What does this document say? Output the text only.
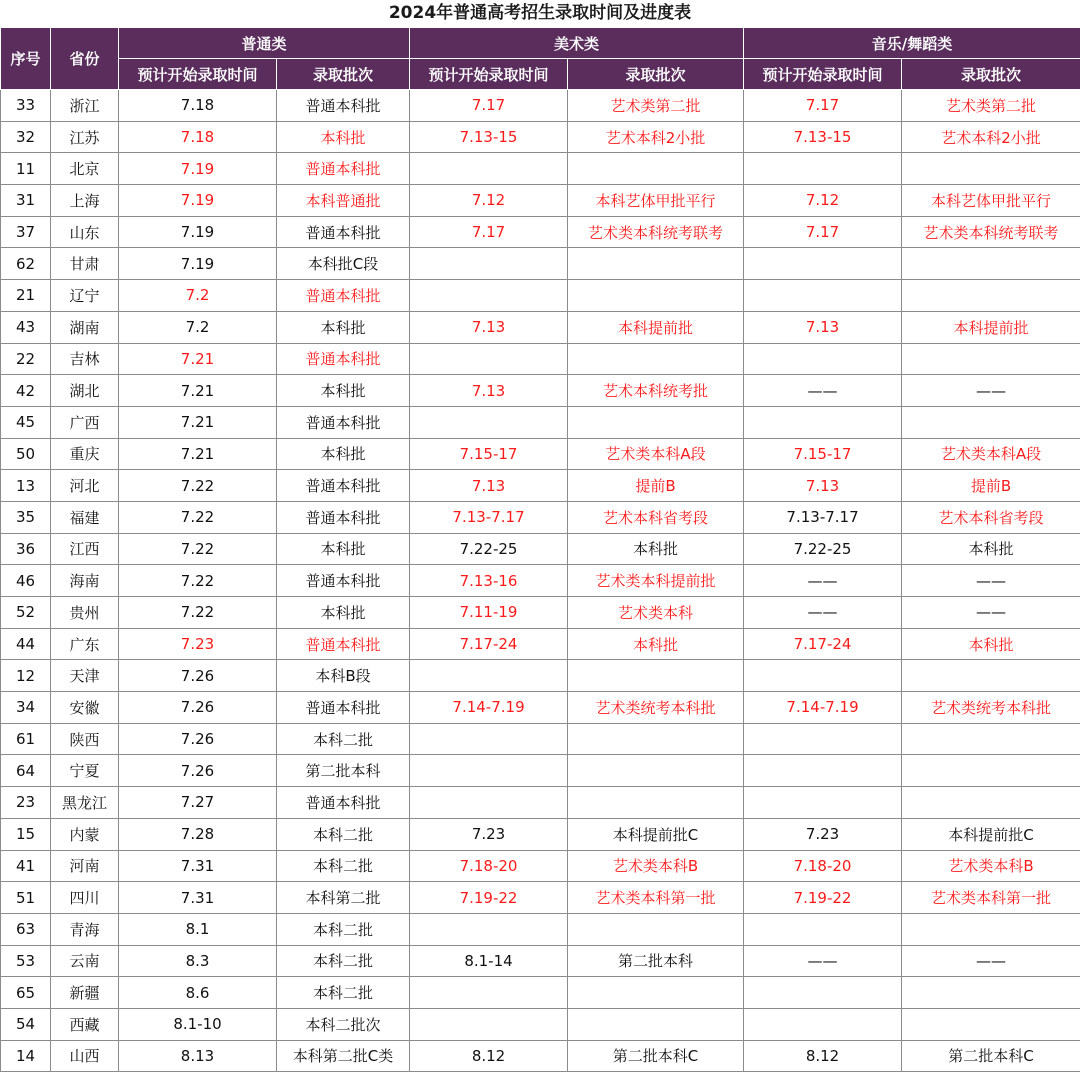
2024年普通高考招生录取时间及进度表
序号	省份	普通类		美术类		音乐/舞蹈类	
		预计开始录取时间	录取批次	预计开始录取时间	录取批次	预计开始录取时间	录取批次
33	浙江	7.18	普通本科批	7.17	艺术类第二批	7.17	艺术类第二批
32	江苏	7.18	本科批	7.13-15	艺术本科2小批	7.13-15	艺术本科2小批
11	北京	7.19	普通本科批				
31	上海	7.19	本科普通批	7.12	本科艺体甲批平行	7.12	本科艺体甲批平行
37	山东	7.19	普通本科批	7.17	艺术类本科统考联考	7.17	艺术类本科统考联考
62	甘肃	7.19	本科批C段				
21	辽宁	7.2	普通本科批				
43	湖南	7.2	本科批	7.13	本科提前批	7.13	本科提前批
22	吉林	7.21	普通本科批				
42	湖北	7.21	本科批	7.13	艺术本科统考批	——	——
45	广西	7.21	普通本科批				
50	重庆	7.21	本科批	7.15-17	艺术类本科A段	7.15-17	艺术类本科A段
13	河北	7.22	普通本科批	7.13	提前B	7.13	提前B
35	福建	7.22	普通本科批	7.13-7.17	艺术本科省考段	7.13-7.17	艺术本科省考段
36	江西	7.22	本科批	7.22-25	本科批	7.22-25	本科批
46	海南	7.22	普通本科批	7.13-16	艺术类本科提前批	——	——
52	贵州	7.22	本科批	7.11-19	艺术类本科	——	——
44	广东	7.23	普通本科批	7.17-24	本科批	7.17-24	本科批
12	天津	7.26	本科B段				
34	安徽	7.26	普通本科批	7.14-7.19	艺术类统考本科批	7.14-7.19	艺术类统考本科批
61	陕西	7.26	本科二批				
64	宁夏	7.26	第二批本科				
23	黑龙江	7.27	普通本科批				
15	内蒙	7.28	本科二批	7.23	本科提前批C	7.23	本科提前批C
41	河南	7.31	本科二批	7.18-20	艺术类本科B	7.18-20	艺术类本科B
51	四川	7.31	本科第二批	7.19-22	艺术类本科第一批	7.19-22	艺术类本科第一批
63	青海	8.1	本科二批				
53	云南	8.3	本科二批	8.1-14	第二批本科	——	——
65	新疆	8.6	本科二批				
54	西藏	8.1-10	本科二批次				
14	山西	8.13	本科第二批C类	8.12	第二批本科C	8.12	第二批本科C
